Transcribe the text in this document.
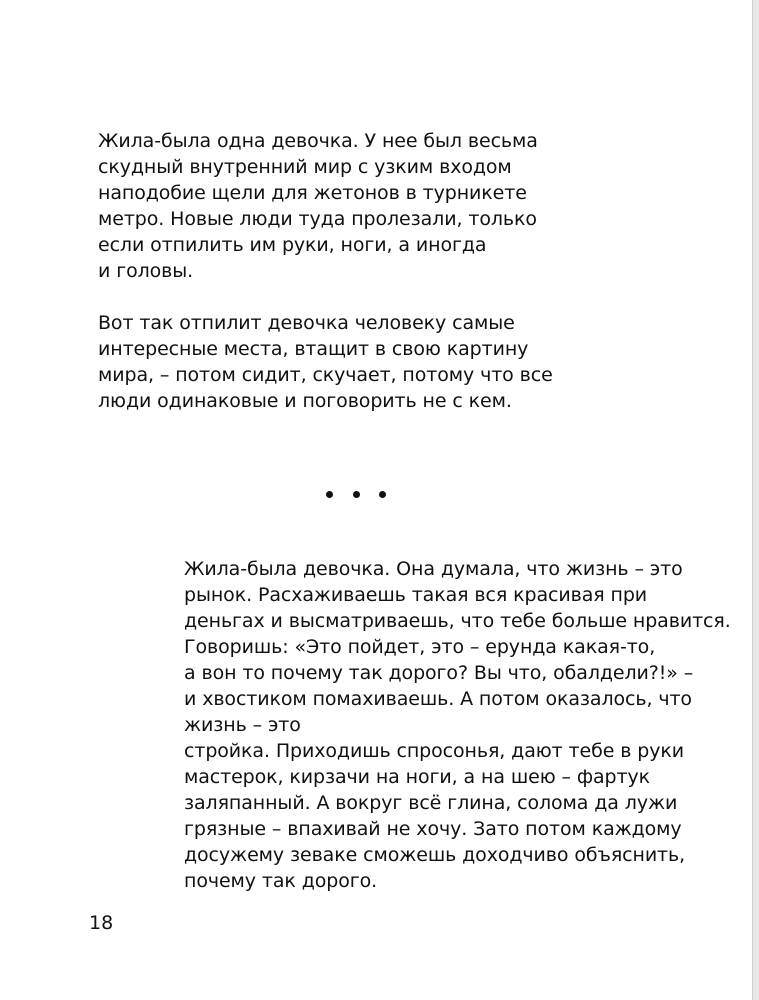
Жила-была одна девочка. У нее был весьма
скудный внутренний мир с узким входом
наподобие щели для жетонов в турникете
метро. Новые люди туда пролезали, только
если отпилить им руки, ноги, а иногда
и головы.

Вот так отпилит девочка человеку самые
интересные места, втащит в свою картину
мира, – потом сидит, скучает, потому что все
люди одинаковые и поговорить не с кем.

Жила-была девочка. Она думала, что жизнь – это
рынок. Расхаживаешь такая вся красивая при
деньгах и высматриваешь, что тебе больше нравится.
Говоришь: «Это пойдет, это – ерунда какая-то,
а вон то почему так дорого? Вы что, обалдели?!» –
и хвостиком помахиваешь. А потом оказалось, что
жизнь – это
стройка. Приходишь спросонья, дают тебе в руки
мастерок, кирзачи на ноги, а на шею – фартук
заляпанный. А вокруг всё глина, солома да лужи
грязные – впахивай не хочу. Зато потом каждому
досужему зеваке сможешь доходчиво объяснить,
почему так дорого.

18
